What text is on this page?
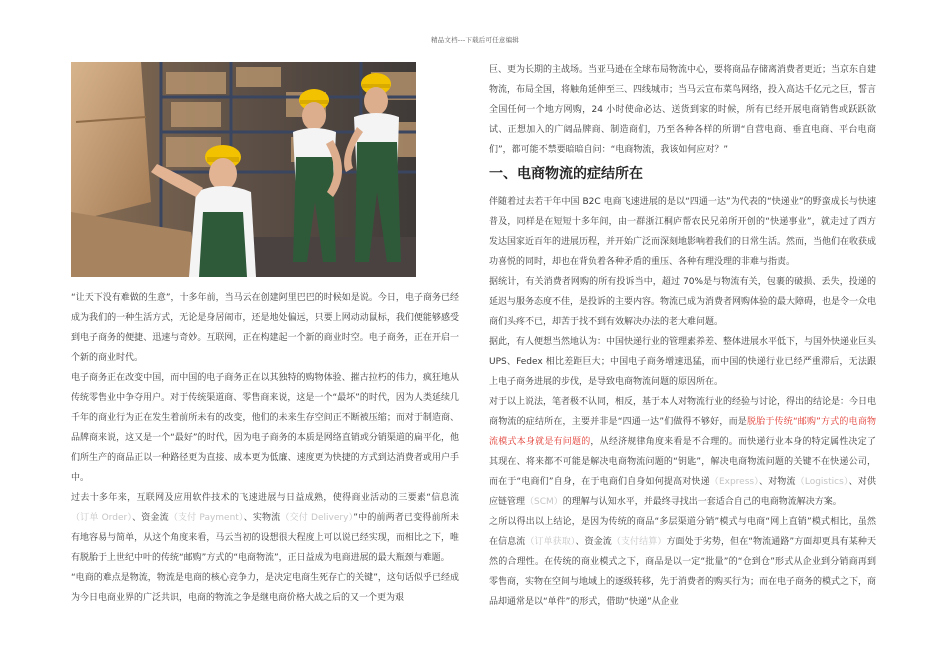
精品文档---下载后可任意编辑

“让天下没有难做的生意”，十多年前，当马云在创建阿里巴巴的时候如是说。今日，电子商务已经成为我们的一种生活方式，无论是身居闹市，还是地处偏远，只要上网动动鼠标，我们便能够感受到电子商务的便捷、迅速与奇妙。互联网，正在构建起一个新的商业时空。电子商务，正在开启一个新的商业时代。

电子商务正在改变中国，而中国的电子商务正在以其独特的购物体验、摧古拉朽的伟力，疯狂地从传统零售业中争夺用户。对于传统渠道商、零售商来说，这是一个“最坏”的时代，因为人类延续几千年的商业行为正在发生着前所未有的改变，他们的未来生存空间正不断被压缩；而对于制造商、品牌商来说，这又是一个“最好”的时代，因为电子商务的本质是网络直销或分销渠道的扁平化，他们所生产的商品正以一种路径更为直接、成本更为低廉、速度更为快捷的方式到达消费者或用户手中。

过去十多年来，互联网及应用软件技术的飞速进展与日益成熟，使得商业活动的三要素“信息流（订单 Order）、资金流（支付 Payment）、实物流（交付 Delivery）”中的前两者已变得前所未有地容易与简单，从这个角度来看，马云当初的设想很大程度上可以说已经实现，而相比之下，唯有脱胎于上世纪中叶的传统“邮购”方式的“电商物流”，正日益成为电商进展的最大瓶颈与难题。

“电商的难点是物流，物流是电商的核心竞争力，是决定电商生死存亡的关键”，这句话似乎已经成为今日电商业界的广泛共识，电商的物流之争是继电商价格大战之后的又一个更为艰

巨、更为长期的主战场。当亚马逊在全球布局物流中心，要将商品存储离消费者更近；当京东自建物流，布局全国，将触角延伸至三、四线城市；当马云宣布菜鸟网络，投入高达千亿元之巨，誓言全国任何一个地方网购，24 小时使命必达、送货到家的时候，所有已经开展电商销售或跃跃欲试、正想加入的广阔品牌商、制造商们，乃至各种各样的所谓“自营电商、垂直电商、平台电商们”，都可能不禁要暗暗自问：“电商物流，我该如何应对？”

一、电商物流的症结所在

伴随着过去若干年中国 B2C 电商飞速进展的是以“四通一达”为代表的“快递业”的野蛮成长与快速普及，同样是在短短十多年间，由一群浙江桐庐帮农民兄弟所开创的“快递事业”，就走过了西方发达国家近百年的进展历程，并开始广泛而深刻地影响着我们的日常生活。然而，当他们在收获成功喜悦的同时，却也在背负着各种矛盾的重压、各种有理没理的非难与指责。

据统计，有关消费者网购的所有投诉当中，超过 70%是与物流有关，包裹的破损、丢失，投递的延迟与服务态度不佳，是投诉的主要内容。物流已成为消费者网购体验的最大障碍，也是令一众电商们头疼不已，却苦于找不到有效解决办法的老大难问题。

据此，有人便想当然地认为：中国快递行业的管理素养差、整体进展水平低下，与国外快递业巨头 UPS、Fedex 相比差距巨大；中国电子商务增速迅猛，而中国的快递行业已经严重滞后，无法跟上电子商务进展的步伐，是导致电商物流问题的原因所在。

对于以上说法，笔者极不认同，相反，基于本人对物流行业的经验与讨论，得出的结论是：今日电商物流的症结所在，主要并非是“四通一达”们做得不够好，而是脱胎于传统“邮购”方式的电商物流模式本身就是有问题的，从经济规律角度来看是不合理的。而快递行业本身的特定属性决定了其现在、将来都不可能是解决电商物流问题的“钥匙”，解决电商物流问题的关键不在快递公司，而在于“电商们”自身，在于电商们自身如何提高对快递（Express）、对物流（Logistics）、对供应链管理（SCM）的理解与认知水平，并最终寻找出一套适合自己的电商物流解决方案。

之所以得出以上结论，是因为传统的商品“多层渠道分销”模式与电商“网上直销”模式相比，虽然在信息流（订单获取）、资金流（支付结算）方面处于劣势，但在“物流通路”方面却更具有某种天然的合理性。在传统的商业模式之下，商品是以一定“批量”的“仓到仓”形式从企业到分销商再到零售商，实物在空间与地域上的逐级转移，先于消费者的购买行为；而在电子商务的模式之下，商品却通常是以“单件”的形式，借助“快递”从企业
